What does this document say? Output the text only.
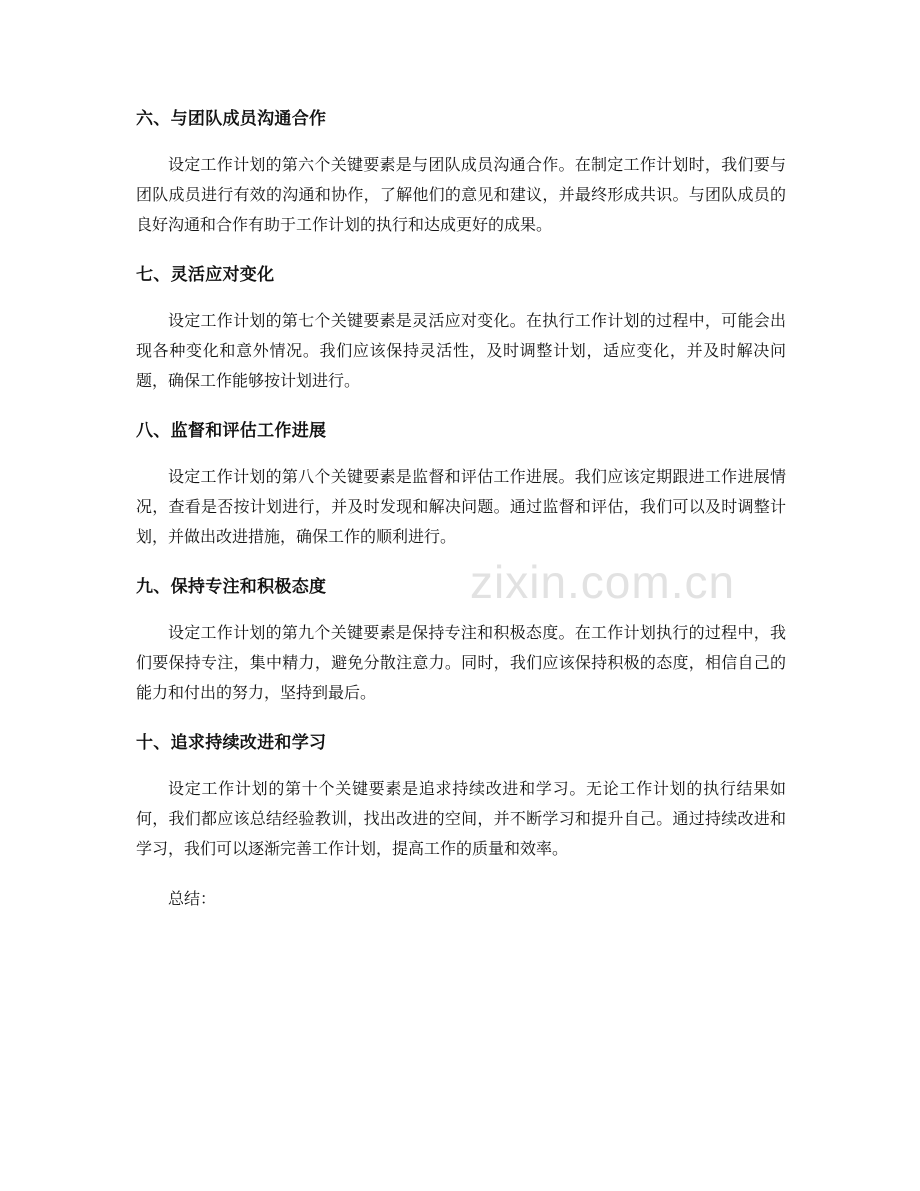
六、与团队成员沟通合作

设定工作计划的第六个关键要素是与团队成员沟通合作。在制定工作计划时，我们要与团队成员进行有效的沟通和协作，了解他们的意见和建议，并最终形成共识。与团队成员的良好沟通和合作有助于工作计划的执行和达成更好的成果。

七、灵活应对变化

设定工作计划的第七个关键要素是灵活应对变化。在执行工作计划的过程中，可能会出现各种变化和意外情况。我们应该保持灵活性，及时调整计划，适应变化，并及时解决问题，确保工作能够按计划进行。

八、监督和评估工作进展

设定工作计划的第八个关键要素是监督和评估工作进展。我们应该定期跟进工作进展情况，查看是否按计划进行，并及时发现和解决问题。通过监督和评估，我们可以及时调整计划，并做出改进措施，确保工作的顺利进行。

九、保持专注和积极态度

设定工作计划的第九个关键要素是保持专注和积极态度。在工作计划执行的过程中，我们要保持专注，集中精力，避免分散注意力。同时，我们应该保持积极的态度，相信自己的能力和付出的努力，坚持到最后。

十、追求持续改进和学习

设定工作计划的第十个关键要素是追求持续改进和学习。无论工作计划的执行结果如何，我们都应该总结经验教训，找出改进的空间，并不断学习和提升自己。通过持续改进和学习，我们可以逐渐完善工作计划，提高工作的质量和效率。

总结：

zixin.com.cn
